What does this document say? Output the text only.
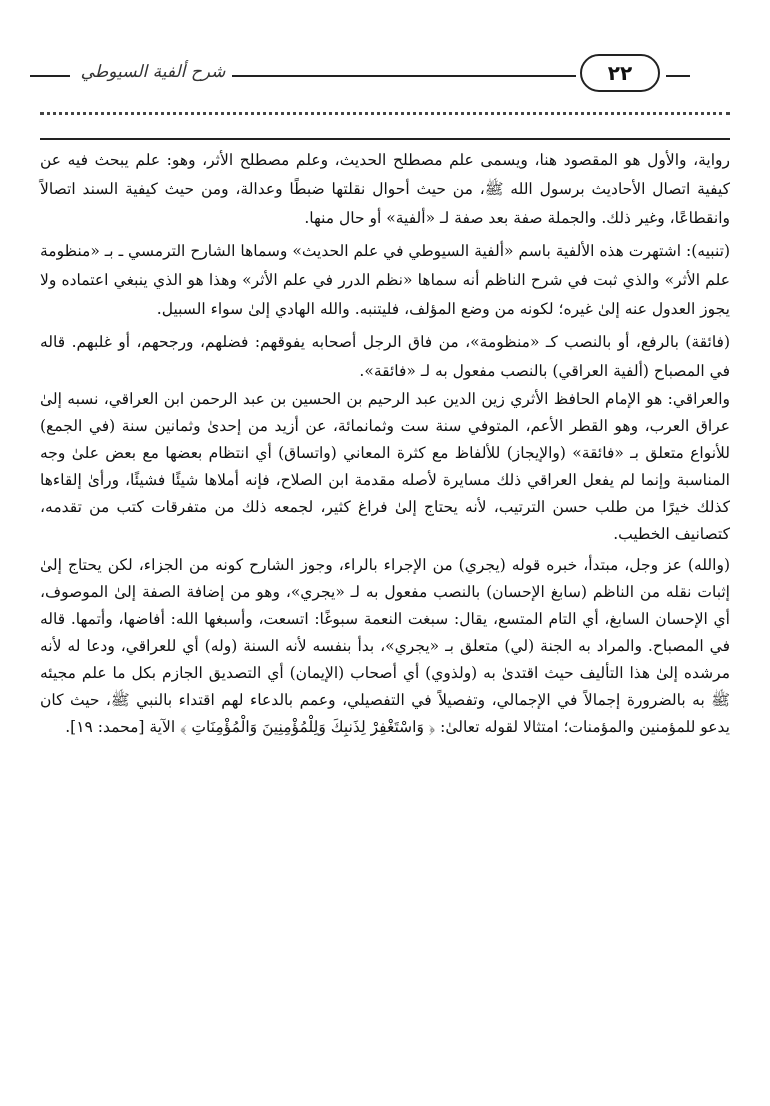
شرح ألفية السيوطي	٢٢

رواية، والأول هو المقصود هنا، ويسمى علم مصطلح الحديث، وعلم مصطلح الأثر، وهو: علم يبحث فيه عن كيفية اتصال الأحاديث برسول الله ﷺ، من حيث أحوال نقلتها ضبطًا وعدالة، ومن حيث كيفية السند اتصالاً وانقطاعًا، وغير ذلك. والجملة صفة بعد صفة لـ «ألفية» أو حال منها.

(تنبيه): اشتهرت هذه الألفية باسم «ألفية السيوطي في علم الحديث» وسماها الشارح الترمسي ـ بـ «منظومة علم الأثر» والذي ثبت في شرح الناظم أنه سماها «نظم الدرر في علم الأثر» وهذا هو الذي ينبغي اعتماده ولا يجوز العدول عنه إلىٰ غيره؛ لكونه من وضع المؤلف، فليتنبه. والله الهادي إلىٰ سواء السبيل.

(فائقة) بالرفع، أو بالنصب كـ «منظومة»، من فاق الرجل أصحابه يفوقهم: فضلهم، ورجحهم، أو غلبهم. قاله في المصباح (ألفية العراقي) بالنصب مفعول به لـ «فائقة».

والعراقي: هو الإمام الحافظ الأثري زين الدين عبد الرحيم بن الحسين بن عبد الرحمن ابن العراقي، نسبه إلىٰ عراق العرب، وهو القطر الأعم، المتوفي سنة ست وثمانمائة، عن أزيد من إحدىٰ وثمانين سنة (في الجمع) للأنواع متعلق بـ «فائقة» (والإيجاز) للألفاظ مع كثرة المعاني (واتساق) أي انتظام بعضها مع بعض علىٰ وجه المناسبة وإنما لم يفعل العراقي ذلك مسايرة لأصله مقدمة ابن الصلاح، فإنه أملاها شيئًا فشيئًا، ورأىٰ إلقاءها كذلك خيرًا من طلب حسن الترتيب، لأنه يحتاج إلىٰ فراغ كثير، لجمعه ذلك من متفرقات كتب من تقدمه، كتصانيف الخطيب.

(والله) عز وجل، مبتدأ، خبره قوله (يجري) من الإجراء بالراء، وجوز الشارح كونه من الجزاء، لكن يحتاج إلىٰ إثبات نقله من الناظم (سابغ الإحسان) بالنصب مفعول به لـ «يجري»، وهو من إضافة الصفة إلىٰ الموصوف، أي الإحسان السابغ، أي التام المتسع، يقال: سبغت النعمة سبوغًا: اتسعت، وأسبغها الله: أفاضها، وأتمها. قاله في المصباح. والمراد به الجنة (لي) متعلق بـ «يجري»، بدأ بنفسه لأنه السنة (وله) أي للعراقي، ودعا له لأنه مرشده إلىٰ هذا التأليف حيث اقتدىٰ به (ولذوي) أي أصحاب (الإيمان) أي التصديق الجازم بكل ما علم مجيئه ﷺ به بالضرورة إجمالاً في الإجمالي، وتفصيلاً في التفصيلي، وعمم بالدعاء لهم اقتداء بالنبي ﷺ، حيث كان يدعو للمؤمنين والمؤمنات؛ امتثالا لقوله تعالىٰ: ﴿ وَاسْتَغْفِرْ لِذَنبِكَ وَلِلْمُؤْمِنِينَ وَالْمُؤْمِنَاتِ ﴾ الآية [محمد: ١٩].
